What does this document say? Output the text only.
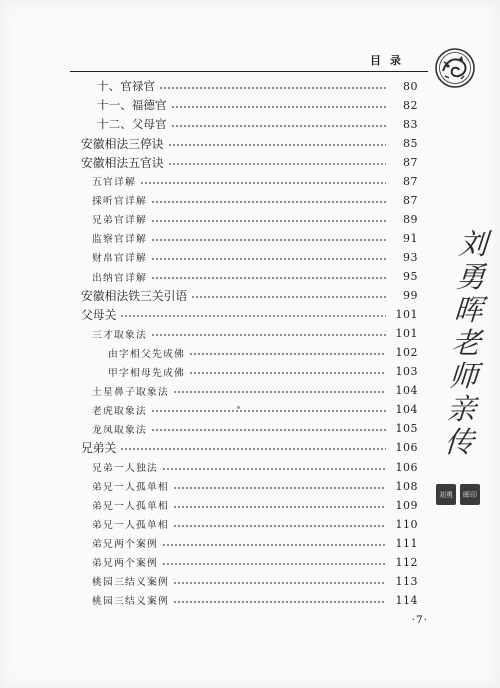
目录
十、官禄官	80
十一、福德官	82
十二、父母官	83
安徽相法三停诀	85
安徽相法五官诀	87
五官详解	87
採听官详解	87
兄弟官详解	89
监察官详解	91
财帛官详解	93
出纳官详解	95
安徽相法铁三关引语	99
父母关	101
三才取象法	101
由字相父先成佛	102
甲字相母先成佛	103
土星鼻子取象法	104
老虎取象法	104
龙凤取象法	105
兄弟关	106
兄弟一人独法	106
弟兄一人孤单相	108
弟兄一人孤单相	109
弟兄一人孤单相	110
弟兄两个案例	111
弟兄两个案例	112
桃园三结义案例	113
桃园三结义案例	114
刘
勇
晖
老
师
亲
传
刘勇 晖印
·7·
